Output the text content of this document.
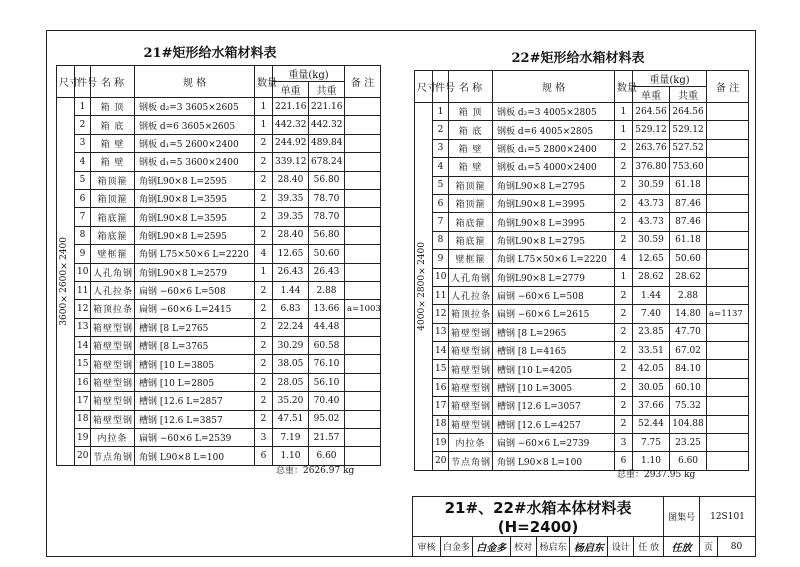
21#矩形给水箱材料表
尺寸	件号	名 称	规 格	数量	重量(kg)		备 注
					单重	共重	

3600×2600×2400	1	箱 顶	钢板 d₂=3 3605×2605	1	221.16	221.16	
	2	箱 底	钢板 d=6 3605×2605	1	442.32	442.32	
	3	箱 壁	钢板 d₁=5 2600×2400	2	244.92	489.84	
	4	箱 壁	钢板 d₁=5 3600×2400	2	339.12	678.24	
	5	箱顶箍	角钢L90×8 L=2595	2	28.40	56.80	
	6	箱顶箍	角钢L90×8 L=3595	2	39.35	78.70	
	7	箱底箍	角钢L90×8 L=3595	2	39.35	78.70	
	8	箱底箍	角钢L90×8 L=2595	2	28.40	56.80	
	9	壁框箍	角钢 L75×50×6 L=2220	4	12.65	50.60	
	10	人孔角钢	角钢L90×8 L=2579	1	26.43	26.43	
	11	人孔拉条	扁钢 −60×6 L=508	2	1.44	2.88	
	12	箱顶拉条	扁钢 −60×6 L=2415	2	6.83	13.66	a=1003
	13	箱壁型钢	槽钢 [8 L=2765	2	22.24	44.48	
	14	箱壁型钢	槽钢 [8 L=3765	2	30.29	60.58	
	15	箱壁型钢	槽钢 [10 L=3805	2	38.05	76.10	
	16	箱壁型钢	槽钢 [10 L=2805	2	28.05	56.10	
	17	箱壁型钢	槽钢 [12.6 L=2857	2	35.20	70.40	
	18	箱壁型钢	槽钢 [12.6 L=3857	2	47.51	95.02	
	19	内拉条	扁钢 −60×6 L=2539	3	7.19	21.57	
	20	节点角钢	角钢 L90×8 L=100	6	1.10	6.60	
总重：2626.97 kg
22#矩形给水箱材料表
尺寸	件号	名 称	规 格	数量	重量(kg)		备 注
					单重	共重	

4000×2800×2400	1	箱 顶	钢板 d₂=3 4005×2805	1	264.56	264.56	
	2	箱 底	钢板 d=6 4005×2805	1	529.12	529.12	
	3	箱 壁	钢板 d₁=5 2800×2400	2	263.76	527.52	
	4	箱 壁	钢板 d₁=5 4000×2400	2	376.80	753.60	
	5	箱顶箍	角钢L90×8 L=2795	2	30.59	61.18	
	6	箱顶箍	角钢L90×8 L=3995	2	43.73	87.46	
	7	箱底箍	角钢L90×8 L=3995	2	43.73	87.46	
	8	箱底箍	角钢L90×8 L=2795	2	30.59	61.18	
	9	壁框箍	角钢 L75×50×6 L=2220	4	12.65	50.60	
	10	人孔角钢	角钢L90×8 L=2779	1	28.62	28.62	
	11	人孔拉条	扁钢 −60×6 L=508	2	1.44	2.88	
	12	箱顶拉条	扁钢 −60×6 L=2615	2	7.40	14.80	a=1137
	13	箱壁型钢	槽钢 [8 L=2965	2	23.85	47.70	
	14	箱壁型钢	槽钢 [8 L=4165	2	33.51	67.02	
	15	箱壁型钢	槽钢 [10 L=4205	2	42.05	84.10	
	16	箱壁型钢	槽钢 [10 L=3005	2	30.05	60.10	
	17	箱壁型钢	槽钢 [12.6 L=3057	2	37.66	75.32	
	18	箱壁型钢	槽钢 [12.6 L=4257	2	52.44	104.88	
	19	内拉条	扁钢 −60×6 L=2739	3	7.75	23.25	
	20	节点角钢	角钢 L90×8 L=100	6	1.10	6.60	
总重：2937.95 kg
21#、22#水箱本体材料表(H=2400)								图集号	12S101	
审核	白金多	白金多	校对	杨启东	杨启东	设计	任 放	任放	页	80
